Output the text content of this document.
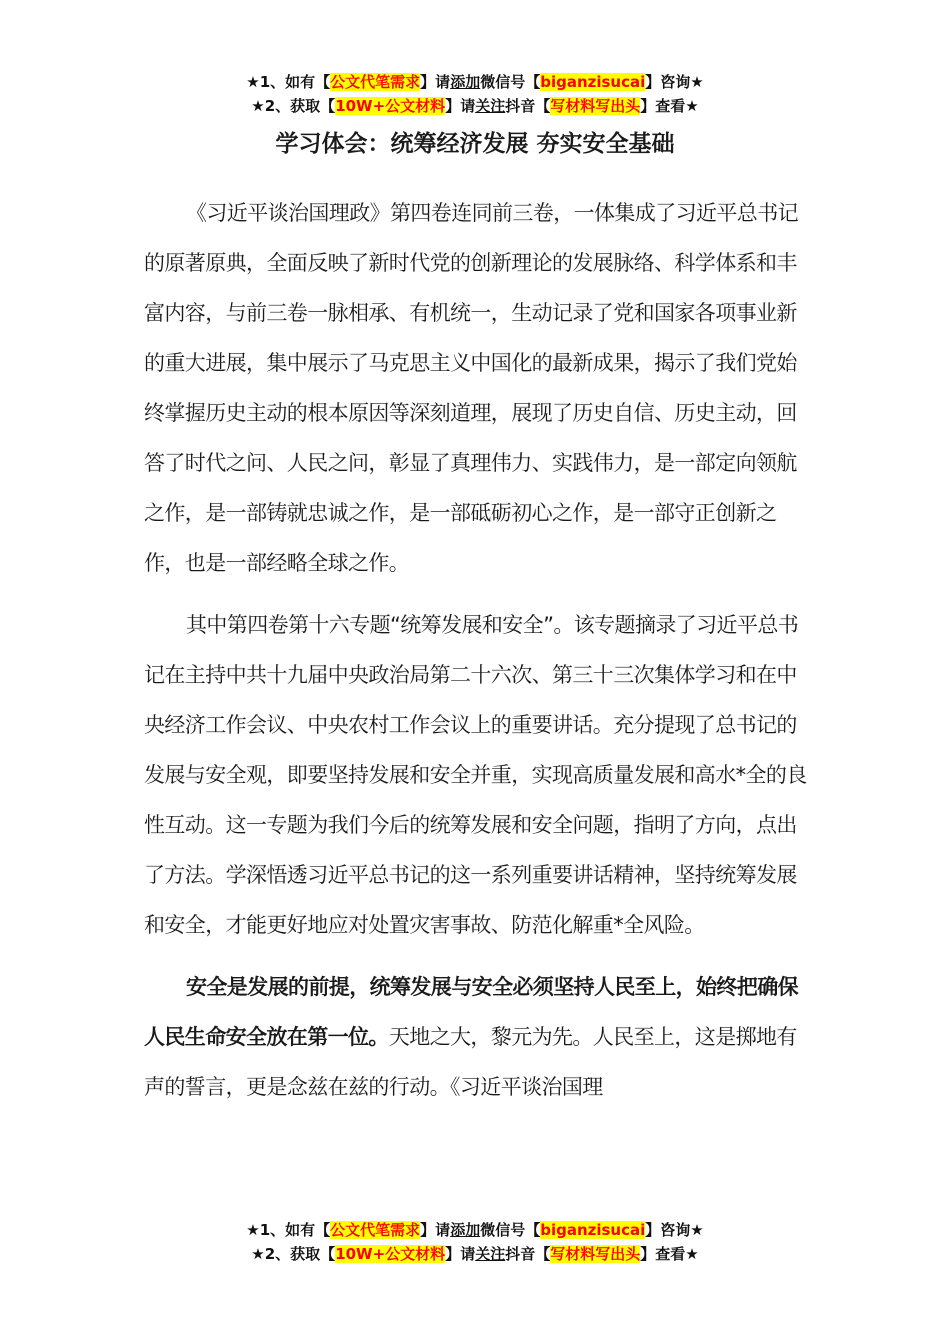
★1、如有【公文代笔需求】请添加微信号【biganzisucai】咨询★
★2、获取【10W+公文材料】请关注抖音【写材料写出头】查看★
学习体会：统筹经济发展 夯实安全基础

《习近平谈治国理政》第四卷连同前三卷，一体集成了习近平总书记的原著原典，全面反映了新时代党的创新理论的发展脉络、科学体系和丰富内容，与前三卷一脉相承、有机统一，生动记录了党和国家各项事业新的重大进展，集中展示了马克思主义中国化的最新成果，揭示了我们党始终掌握历史主动的根本原因等深刻道理，展现了历史自信、历史主动，回答了时代之问、人民之问，彰显了真理伟力、实践伟力，是一部定向领航之作，是一部铸就忠诚之作，是一部砥砺初心之作，是一部守正创新之作，也是一部经略全球之作。

其中第四卷第十六专题“统筹发展和安全”。该专题摘录了习近平总书记在主持中共十九届中央政治局第二十六次、第三十三次集体学习和在中央经济工作会议、中央农村工作会议上的重要讲话。充分提现了总书记的发展与安全观，即要坚持发展和安全并重，实现高质量发展和高水*全的良性互动。这一专题为我们今后的统筹发展和安全问题，指明了方向，点出了方法。学深悟透习近平总书记的这一系列重要讲话精神，坚持统筹发展和安全，才能更好地应对处置灾害事故、防范化解重*全风险。

安全是发展的前提，统筹发展与安全必须坚持人民至上，始终把确保人民生命安全放在第一位。天地之大，黎元为先。人民至上，这是掷地有声的誓言，更是念兹在兹的行动。《习近平谈治国理

★1、如有【公文代笔需求】请添加微信号【biganzisucai】咨询★
★2、获取【10W+公文材料】请关注抖音【写材料写出头】查看★
